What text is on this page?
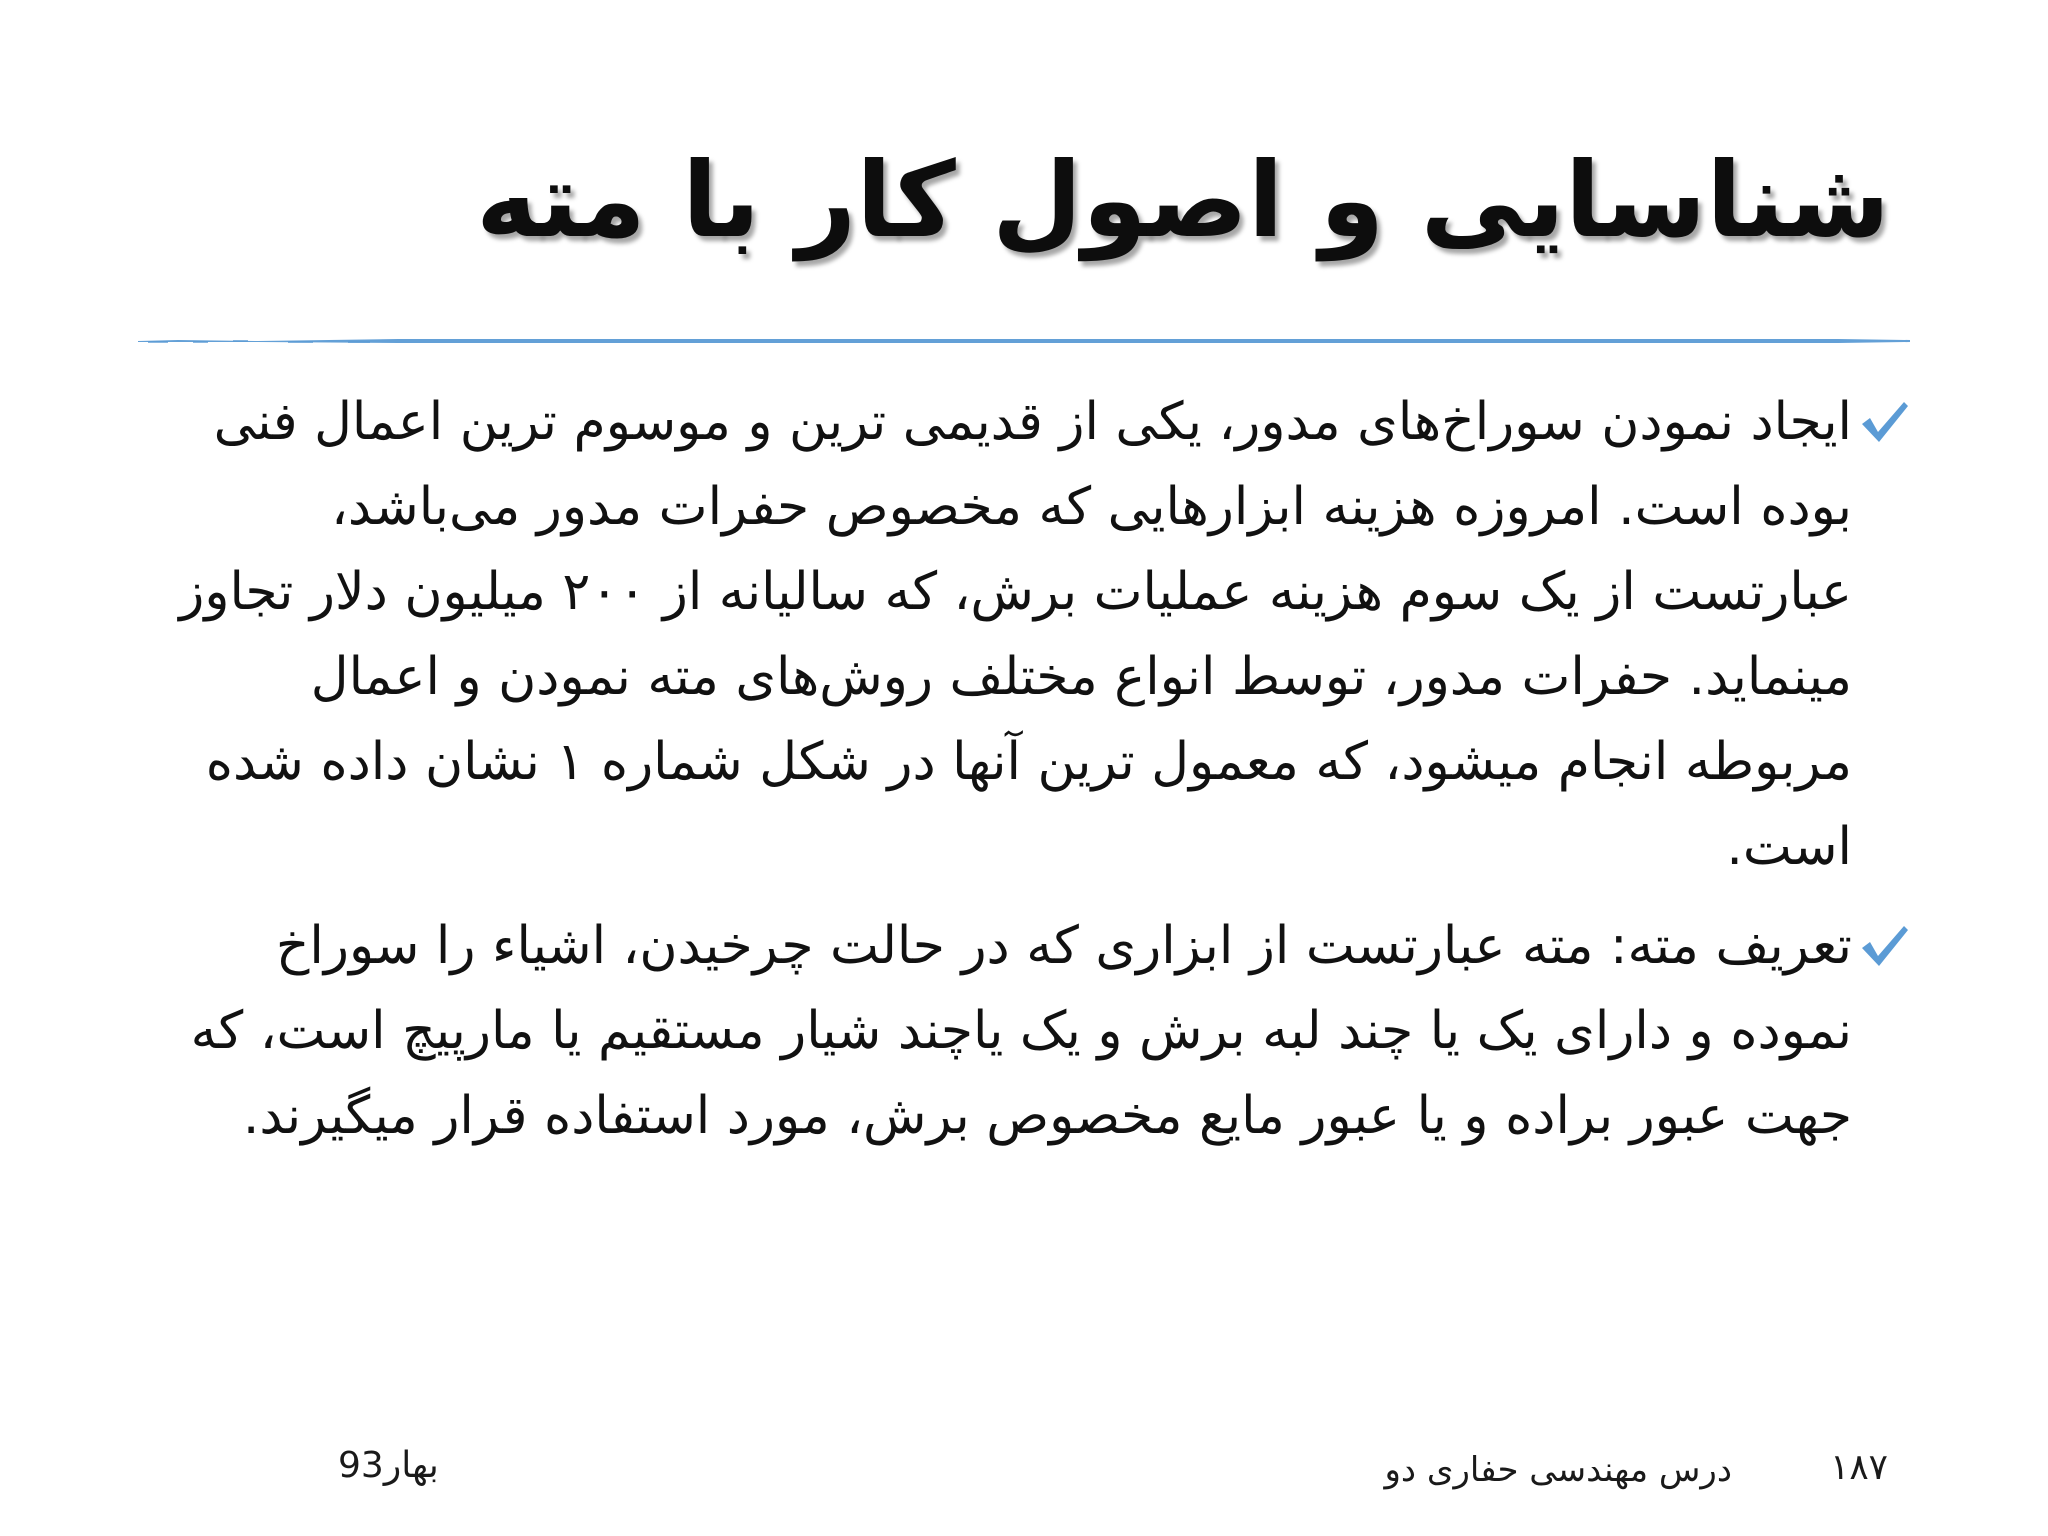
شناسایی و اصول کار با مته
ایجاد نمودن سوراخ‌های مدور، یکی از قدیمی ترین و موسوم ترین اعمال فنی بوده است. امروزه هزینه ابزارهایی که مخصوص حفرات مدور می‌باشد، عبارتست از یک سوم هزینه عملیات برش، که سالیانه از ۲۰۰ میلیون دلار تجاوز مینماید. حفرات مدور، توسط انواع مختلف روش‌های مته نمودن و اعمال مربوطه انجام میشود، که معمول ترین آنها در شکل شماره ۱ نشان داده شده است.
تعریف مته: مته عبارتست از ابزاری که در حالت چرخیدن، اشیاء را سوراخ نموده و دارای یک یا چند لبه برش و یک یاچند شیار مستقیم یا مارپیچ است، که جهت عبور براده و یا عبور مایع مخصوص برش، مورد استفاده قرار میگیرند.
بهار93	درس مهندسی حفاری دو	۱۸۷
